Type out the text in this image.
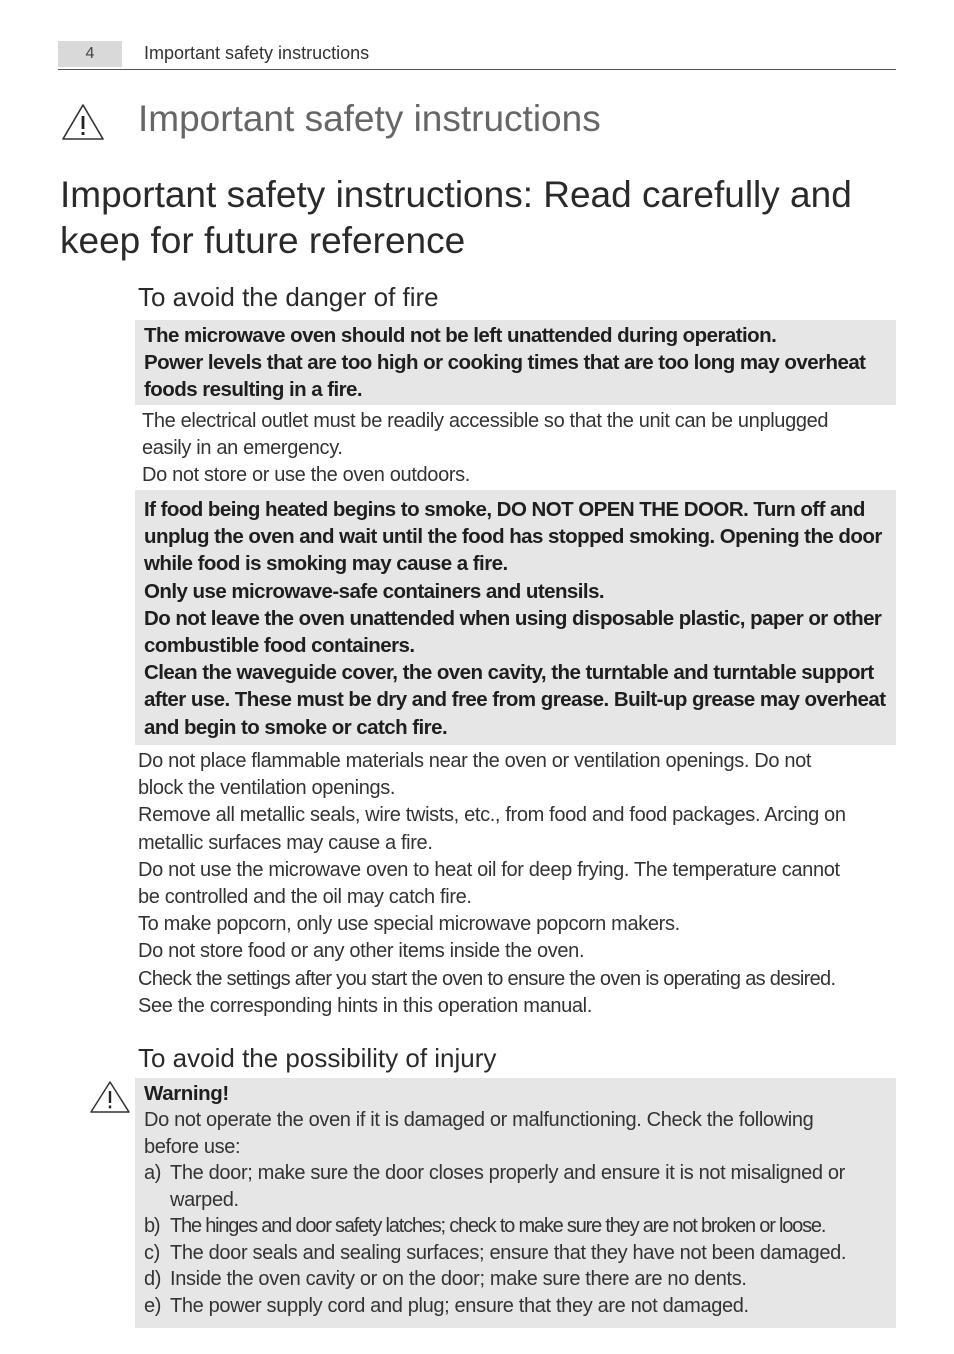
4	Important safety instructions
Important safety instructions
Important safety instructions: Read carefully and
keep for future reference
To avoid the danger of fire

The microwave oven should not be left unattended during operation.

Power levels that are too high or cooking times that are too long may overheat

foods resulting in a fire.

The electrical outlet must be readily accessible so that the unit can be unplugged

easily in an emergency.

Do not store or use the oven outdoors.

If food being heated begins to smoke, DO NOT OPEN THE DOOR. Turn off and

unplug the oven and wait until the food has stopped smoking. Opening the door

while food is smoking may cause a fire.

Only use microwave-safe containers and utensils.

Do not leave the oven unattended when using disposable plastic, paper or other

combustible food containers.

Clean the waveguide cover, the oven cavity, the turntable and turntable support

after use. These must be dry and free from grease. Built-up grease may overheat

and begin to smoke or catch fire.

Do not place flammable materials near the oven or ventilation openings. Do not

block the ventilation openings.

Remove all metallic seals, wire twists, etc., from food and food packages. Arcing on

metallic surfaces may cause a fire.

Do not use the microwave oven to heat oil for deep frying. The temperature cannot

be controlled and the oil may catch fire.

To make popcorn, only use special microwave popcorn makers.

Do not store food or any other items inside the oven.

Check the settings after you start the oven to ensure the oven is operating as desired.

See the corresponding hints in this operation manual.

To avoid the possibility of injury

Warning!

Do not operate the oven if it is damaged or malfunctioning. Check the following

before use:

a) The door; make sure the door closes properly and ensure it is not misaligned or
warped.
b) The hinges and door safety latches; check to make sure they are not broken or loose.
c) The door seals and sealing surfaces; ensure that they have not been damaged.
d) Inside the oven cavity or on the door; make sure there are no dents.
e) The power supply cord and plug; ensure that they are not damaged.
